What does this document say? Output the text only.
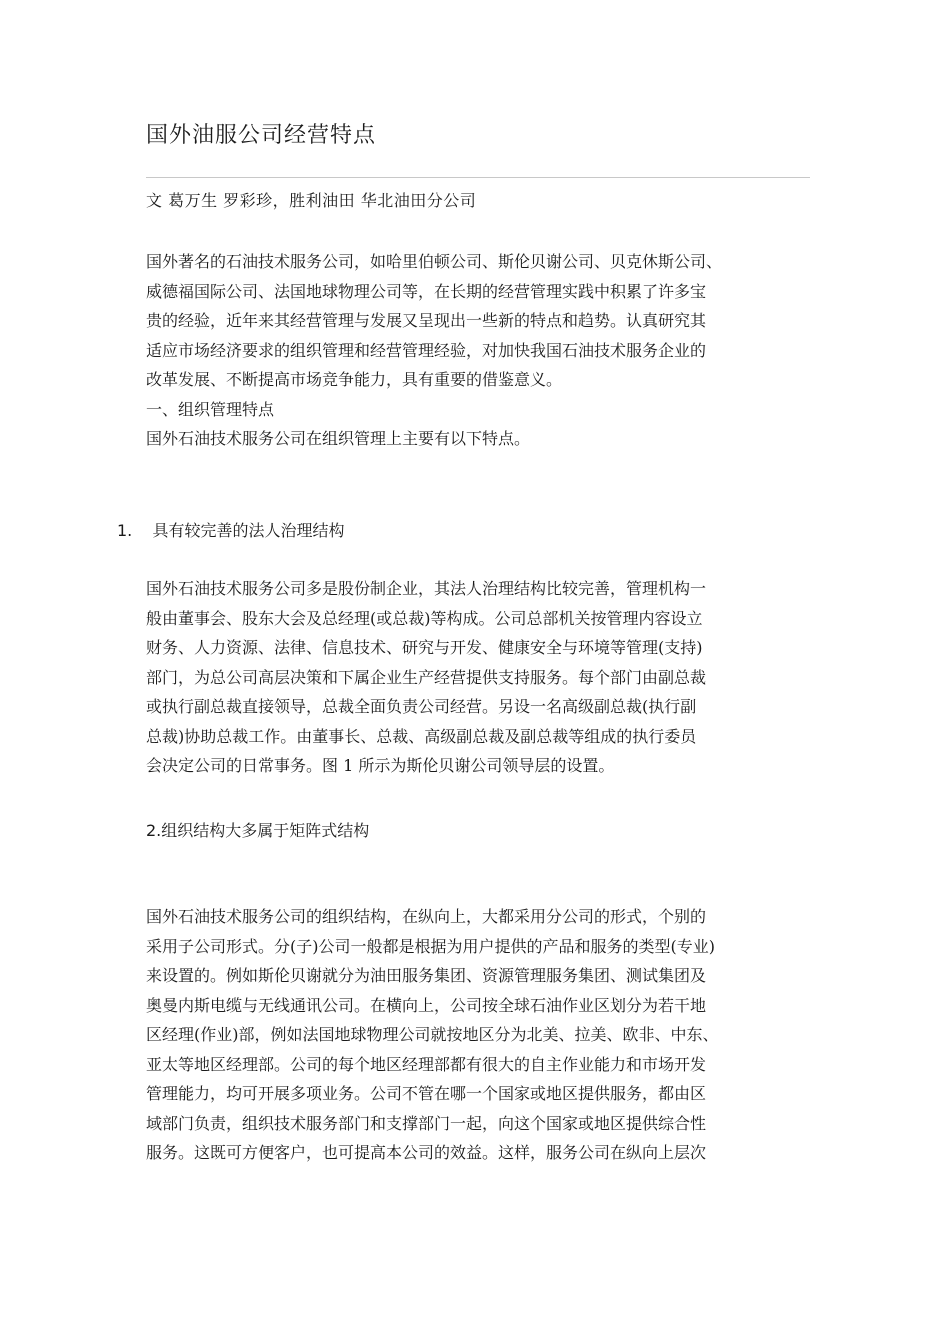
国外油服公司经营特点
文 葛万生 罗彩珍，胜利油田 华北油田分公司

国外著名的石油技术服务公司，如哈里伯顿公司、斯伦贝谢公司、贝克休斯公司、
威德福国际公司、法国地球物理公司等，在长期的经营管理实践中积累了许多宝
贵的经验，近年来其经营管理与发展又呈现出一些新的特点和趋势。认真研究其
适应市场经济要求的组织管理和经营管理经验，对加快我国石油技术服务企业的
改革发展、不断提高市场竞争能力，具有重要的借鉴意义。
一、组织管理特点
国外石油技术服务公司在组织管理上主要有以下特点。

1. 具有较完善的法人治理结构

国外石油技术服务公司多是股份制企业，其法人治理结构比较完善，管理机构一
般由董事会、股东大会及总经理(或总裁)等构成。公司总部机关按管理内容设立
财务、人力资源、法律、信息技术、研究与开发、健康安全与环境等管理(支持)
部门，为总公司高层决策和下属企业生产经营提供支持服务。每个部门由副总裁
或执行副总裁直接领导，总裁全面负责公司经营。另设一名高级副总裁(执行副
总裁)协助总裁工作。由董事长、总裁、高级副总裁及副总裁等组成的执行委员
会决定公司的日常事务。图 1 所示为斯伦贝谢公司领导层的设置。

2.组织结构大多属于矩阵式结构

国外石油技术服务公司的组织结构，在纵向上，大都采用分公司的形式，个别的
采用子公司形式。分(子)公司一般都是根据为用户提供的产品和服务的类型(专业)
来设置的。例如斯伦贝谢就分为油田服务集团、资源管理服务集团、测试集团及
奥曼内斯电缆与无线通讯公司。在横向上，公司按全球石油作业区划分为若干地
区经理(作业)部，例如法国地球物理公司就按地区分为北美、拉美、欧非、中东、
亚太等地区经理部。公司的每个地区经理部都有很大的自主作业能力和市场开发
管理能力，均可开展多项业务。公司不管在哪一个国家或地区提供服务，都由区
域部门负责，组织技术服务部门和支撑部门一起，向这个国家或地区提供综合性
服务。这既可方便客户，也可提高本公司的效益。这样，服务公司在纵向上层次
